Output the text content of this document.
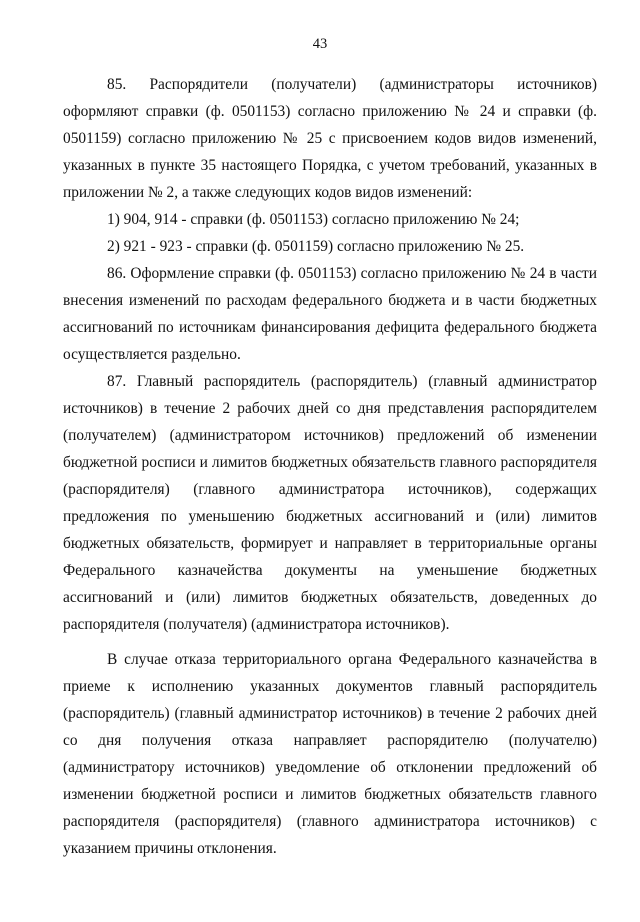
43

85. Распорядители (получатели) (администраторы источников) оформляют справки (ф. 0501153) согласно приложению № 24 и справки (ф. 0501159) согласно приложению № 25 с присвоением кодов видов изменений, указанных в пункте 35 настоящего Порядка, с учетом требований, указанных в приложении № 2, а также следующих кодов видов изменений:

1) 904, 914 - справки (ф. 0501153) согласно приложению № 24;

2) 921 - 923 - справки (ф. 0501159) согласно приложению № 25.

86. Оформление справки (ф. 0501153) согласно приложению № 24 в части внесения изменений по расходам федерального бюджета и в части бюджетных ассигнований по источникам финансирования дефицита федерального бюджета осуществляется раздельно.

87. Главный распорядитель (распорядитель) (главный администратор источников) в течение 2 рабочих дней со дня представления распорядителем (получателем) (администратором источников) предложений об изменении бюджетной росписи и лимитов бюджетных обязательств главного распорядителя (распорядителя) (главного администратора источников), содержащих предложения по уменьшению бюджетных ассигнований и (или) лимитов бюджетных обязательств, формирует и направляет в территориальные органы Федерального казначейства документы на уменьшение бюджетных ассигнований и (или) лимитов бюджетных обязательств, доведенных до распорядителя (получателя) (администратора источников).

В случае отказа территориального органа Федерального казначейства в приеме к исполнению указанных документов главный распорядитель (распорядитель) (главный администратор источников) в течение 2 рабочих дней со дня получения отказа направляет распорядителю (получателю) (администратору источников) уведомление об отклонении предложений об изменении бюджетной росписи и лимитов бюджетных обязательств главного распорядителя (распорядителя) (главного администратора источников) с указанием причины отклонения.
